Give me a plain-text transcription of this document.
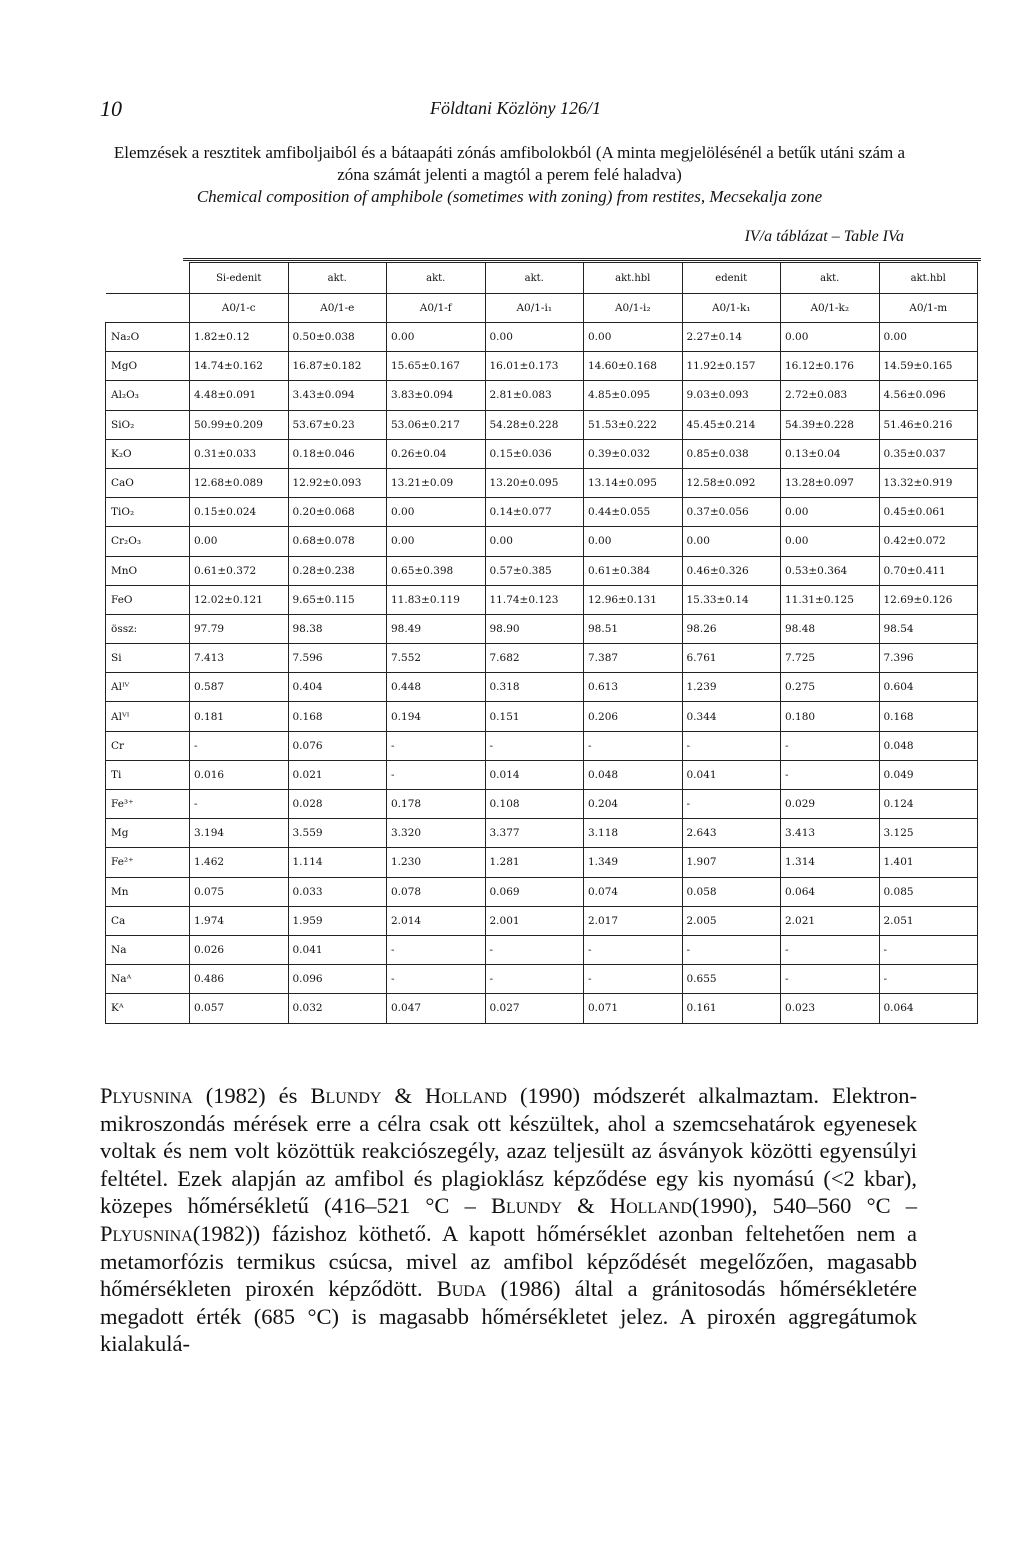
10	Földtani Közlöny 126/1
Elemzések a resztitek amfiboljaiból és a bátaapáti zónás amfibolokból (A minta megjelölésénél a betűk utáni szám a zóna számát jelenti a magtól a perem felé haladva)
Chemical composition of amphibole (sometimes with zoning) from restites, Mecsekalja zone
IV/a táblázat – Table IVa
	Si-edenit	akt.	akt.	akt.	akt.hbl	edenit	akt.	akt.hbl
	A0/1-c	A0/1-e	A0/1-f	A0/1-i₁	A0/1-i₂	A0/1-k₁	A0/1-k₂	A0/1-m
Na₂O	1.82±0.12	0.50±0.038	0.00	0.00	0.00	2.27±0.14	0.00	0.00
MgO	14.74±0.162	16.87±0.182	15.65±0.167	16.01±0.173	14.60±0.168	11.92±0.157	16.12±0.176	14.59±0.165
Al₂O₃	4.48±0.091	3.43±0.094	3.83±0.094	2.81±0.083	4.85±0.095	9.03±0.093	2.72±0.083	4.56±0.096
SiO₂	50.99±0.209	53.67±0.23	53.06±0.217	54.28±0.228	51.53±0.222	45.45±0.214	54.39±0.228	51.46±0.216
K₂O	0.31±0.033	0.18±0.046	0.26±0.04	0.15±0.036	0.39±0.032	0.85±0.038	0.13±0.04	0.35±0.037
CaO	12.68±0.089	12.92±0.093	13.21±0.09	13.20±0.095	13.14±0.095	12.58±0.092	13.28±0.097	13.32±0.919
TiO₂	0.15±0.024	0.20±0.068	0.00	0.14±0.077	0.44±0.055	0.37±0.056	0.00	0.45±0.061
Cr₂O₃	0.00	0.68±0.078	0.00	0.00	0.00	0.00	0.00	0.42±0.072
MnO	0.61±0.372	0.28±0.238	0.65±0.398	0.57±0.385	0.61±0.384	0.46±0.326	0.53±0.364	0.70±0.411
FeO	12.02±0.121	9.65±0.115	11.83±0.119	11.74±0.123	12.96±0.131	15.33±0.14	11.31±0.125	12.69±0.126
össz:	97.79	98.38	98.49	98.90	98.51	98.26	98.48	98.54
Si	7.413	7.596	7.552	7.682	7.387	6.761	7.725	7.396
Alᴵⱽ	0.587	0.404	0.448	0.318	0.613	1.239	0.275	0.604
Alⱽᴵ	0.181	0.168	0.194	0.151	0.206	0.344	0.180	0.168
Cr	-	0.076	-	-	-	-	-	0.048
Ti	0.016	0.021	-	0.014	0.048	0.041	-	0.049
Fe³⁺	-	0.028	0.178	0.108	0.204	-	0.029	0.124
Mg	3.194	3.559	3.320	3.377	3.118	2.643	3.413	3.125
Fe²⁺	1.462	1.114	1.230	1.281	1.349	1.907	1.314	1.401
Mn	0.075	0.033	0.078	0.069	0.074	0.058	0.064	0.085
Ca	1.974	1.959	2.014	2.001	2.017	2.005	2.021	2.051
Na	0.026	0.041	-	-	-	-	-	-
Naᴬ	0.486	0.096	-	-	-	0.655	-	-
Kᴬ	0.057	0.032	0.047	0.027	0.071	0.161	0.023	0.064

Plyusnina (1982) és Blundy & Holland (1990) módszerét alkalmaztam. Elektron-mikroszondás mérések erre a célra csak ott készültek, ahol a szemcsehatárok egyenesek voltak és nem volt közöttük reakciószegély, azaz teljesült az ásványok közötti egyensúlyi feltétel. Ezek alapján az amfibol és plagioklász képződése egy kis nyomású (<2 kbar), közepes hőmérsékletű (416–521 °C – Blundy & Holland(1990), 540–560 °C – Plyusnina(1982)) fázishoz köthető. A kapott hőmérséklet azonban feltehetően nem a metamorfózis termikus csúcsa, mivel az amfibol képződését megelőzően, magasabb hőmérsékleten piroxén képződött. Buda (1986) által a gránitosodás hőmérsékletére megadott érték (685 °C) is magasabb hőmérsékletet jelez. A piroxén aggregátumok kialakulá-
